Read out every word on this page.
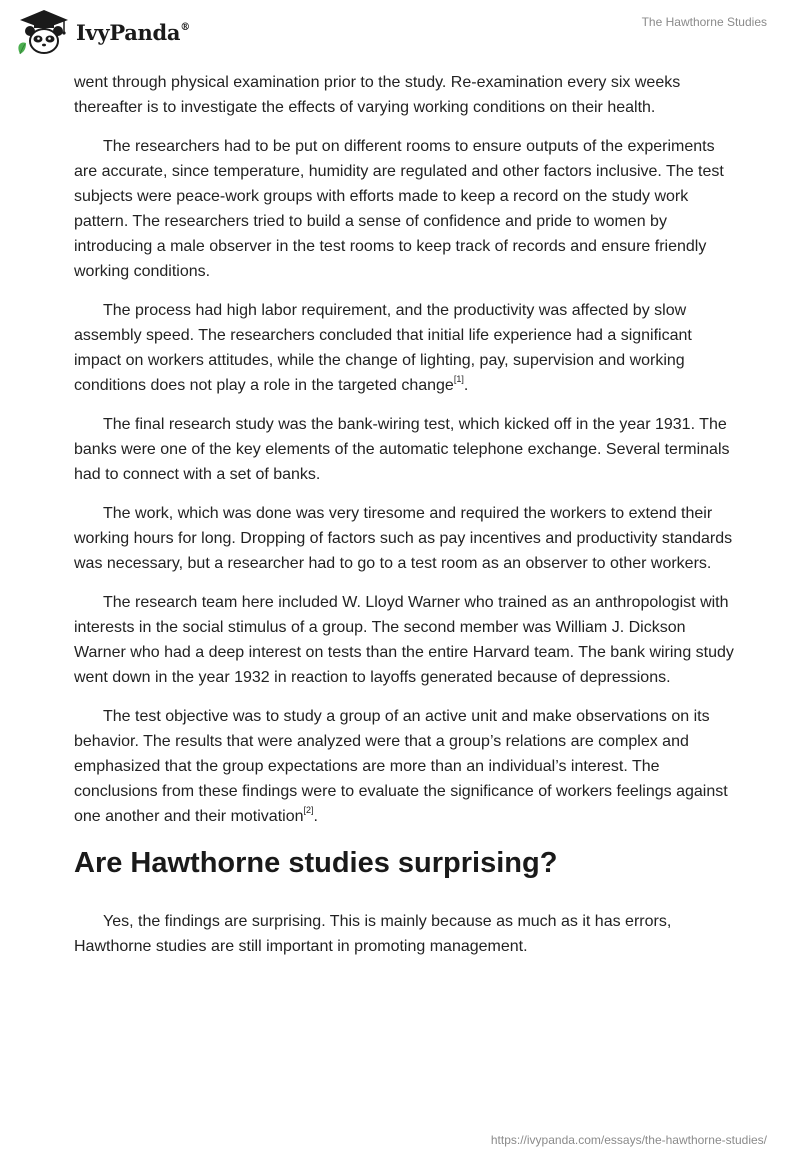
IvyPanda®	The Hawthorne Studies

went through physical examination prior to the study. Re-examination every six weeks thereafter is to investigate the effects of varying working conditions on their health.

The researchers had to be put on different rooms to ensure outputs of the experiments are accurate, since temperature, humidity are regulated and other factors inclusive. The test subjects were peace-work groups with efforts made to keep a record on the study work pattern. The researchers tried to build a sense of confidence and pride to women by introducing a male observer in the test rooms to keep track of records and ensure friendly working conditions.

The process had high labor requirement, and the productivity was affected by slow assembly speed. The researchers concluded that initial life experience had a significant impact on workers attitudes, while the change of lighting, pay, supervision and working conditions does not play a role in the targeted change[1].

The final research study was the bank-wiring test, which kicked off in the year 1931. The banks were one of the key elements of the automatic telephone exchange. Several terminals had to connect with a set of banks.

The work, which was done was very tiresome and required the workers to extend their working hours for long. Dropping of factors such as pay incentives and productivity standards was necessary, but a researcher had to go to a test room as an observer to other workers.

The research team here included W. Lloyd Warner who trained as an anthropologist with interests in the social stimulus of a group. The second member was William J. Dickson Warner who had a deep interest on tests than the entire Harvard team. The bank wiring study went down in the year 1932 in reaction to layoffs generated because of depressions.

The test objective was to study a group of an active unit and make observations on its behavior. The results that were analyzed were that a group’s relations are complex and emphasized that the group expectations are more than an individual’s interest. The conclusions from these findings were to evaluate the significance of workers feelings against one another and their motivation[2].

Are Hawthorne studies surprising?

Yes, the findings are surprising. This is mainly because as much as it has errors, Hawthorne studies are still important in promoting management.

https://ivypanda.com/essays/the-hawthorne-studies/
